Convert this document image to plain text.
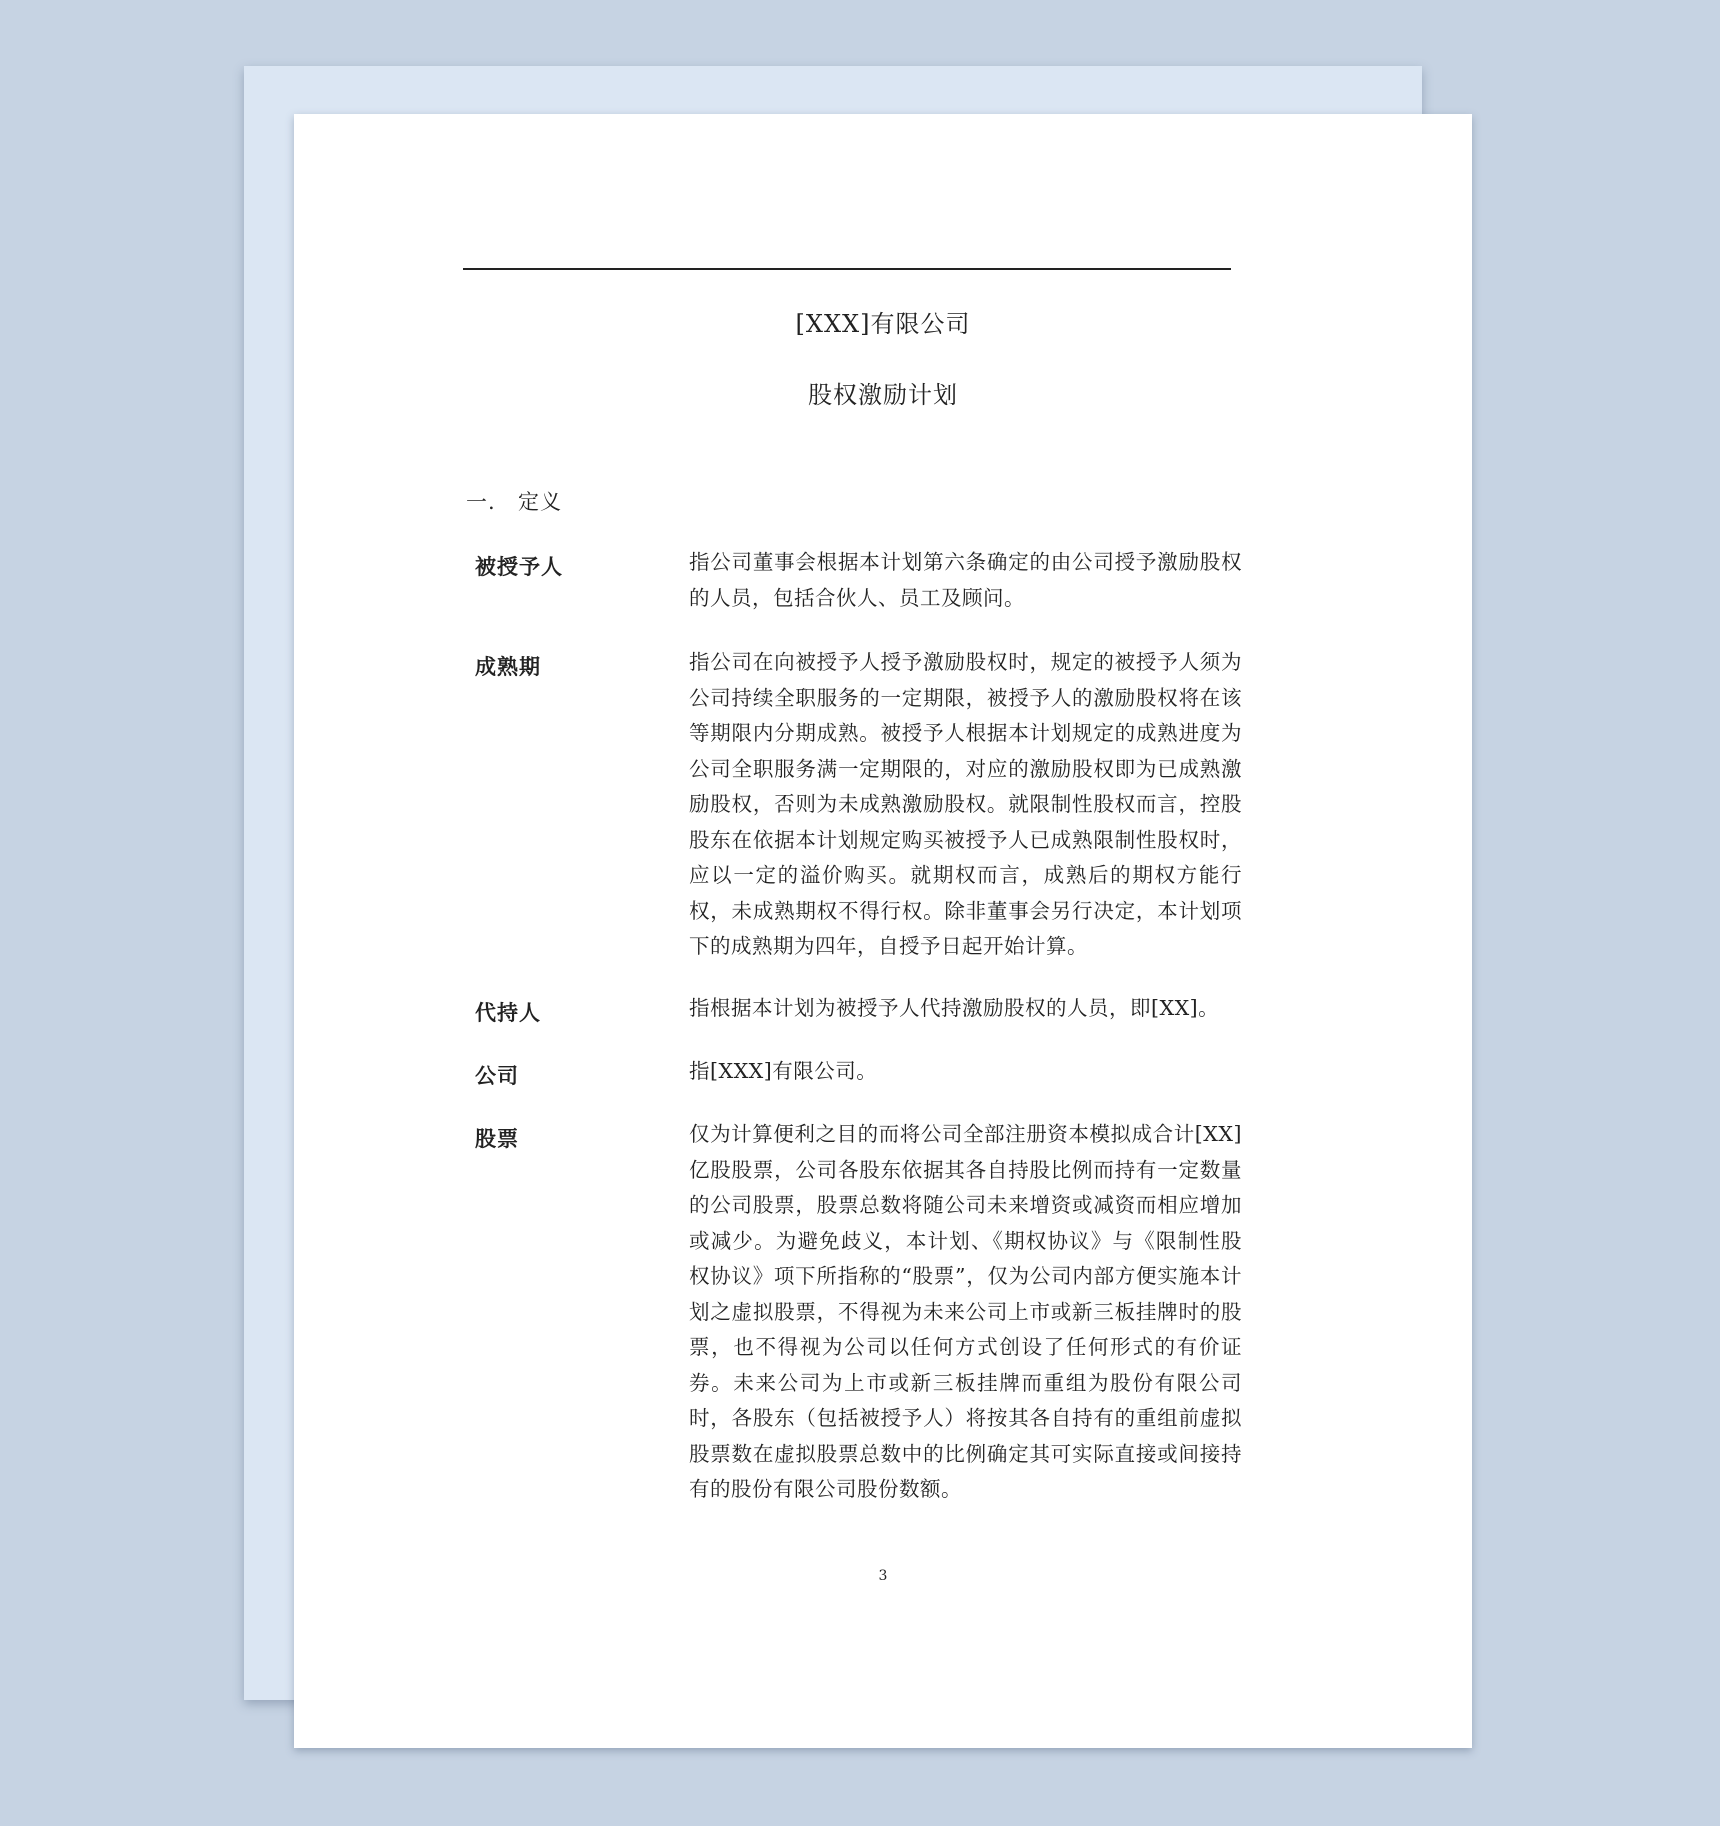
[XXX]有限公司
股权激励计划
一. 定义
被授予人	指公司董事会根据本计划第六条确定的由公司授予激励股权的人员，包括合伙人、员工及顾问。
成熟期	指公司在向被授予人授予激励股权时，规定的被授予人须为公司持续全职服务的一定期限，被授予人的激励股权将在该等期限内分期成熟。被授予人根据本计划规定的成熟进度为公司全职服务满一定期限的，对应的激励股权即为已成熟激励股权，否则为未成熟激励股权。就限制性股权而言，控股股东在依据本计划规定购买被授予人已成熟限制性股权时，应以一定的溢价购买。就期权而言，成熟后的期权方能行权，未成熟期权不得行权。除非董事会另行决定，本计划项下的成熟期为四年，自授予日起开始计算。
代持人	指根据本计划为被授予人代持激励股权的人员，即[XX]。
公司	指[XXX]有限公司。
股票	仅为计算便利之目的而将公司全部注册资本模拟成合计[XX]亿股股票，公司各股东依据其各自持股比例而持有一定数量的公司股票，股票总数将随公司未来增资或减资而相应增加或减少。为避免歧义，本计划、《期权协议》与《限制性股权协议》项下所指称的“股票”，仅为公司内部方便实施本计划之虚拟股票，不得视为未来公司上市或新三板挂牌时的股票，也不得视为公司以任何方式创设了任何形式的有价证券。未来公司为上市或新三板挂牌而重组为股份有限公司时，各股东（包括被授予人）将按其各自持有的重组前虚拟股票数在虚拟股票总数中的比例确定其可实际直接或间接持有的股份有限公司股份数额。
3
